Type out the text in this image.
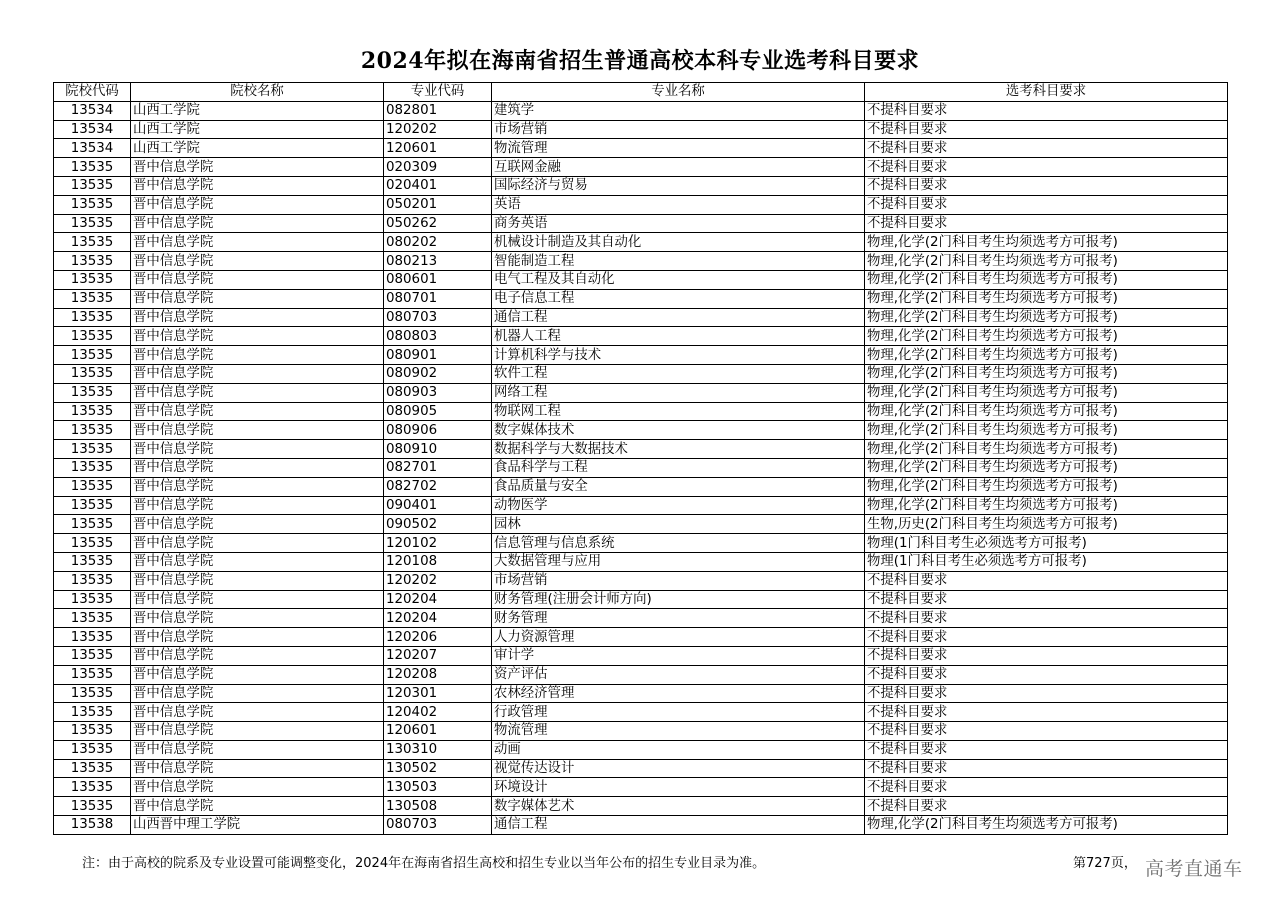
2024年拟在海南省招生普通高校本科专业选考科目要求
院校代码	院校名称	专业代码	专业名称	选考科目要求
13534	山西工学院	082801	建筑学	不提科目要求
13534	山西工学院	120202	市场营销	不提科目要求
13534	山西工学院	120601	物流管理	不提科目要求
13535	晋中信息学院	020309	互联网金融	不提科目要求
13535	晋中信息学院	020401	国际经济与贸易	不提科目要求
13535	晋中信息学院	050201	英语	不提科目要求
13535	晋中信息学院	050262	商务英语	不提科目要求
13535	晋中信息学院	080202	机械设计制造及其自动化	物理,化学(2门科目考生均须选考方可报考)
13535	晋中信息学院	080213	智能制造工程	物理,化学(2门科目考生均须选考方可报考)
13535	晋中信息学院	080601	电气工程及其自动化	物理,化学(2门科目考生均须选考方可报考)
13535	晋中信息学院	080701	电子信息工程	物理,化学(2门科目考生均须选考方可报考)
13535	晋中信息学院	080703	通信工程	物理,化学(2门科目考生均须选考方可报考)
13535	晋中信息学院	080803	机器人工程	物理,化学(2门科目考生均须选考方可报考)
13535	晋中信息学院	080901	计算机科学与技术	物理,化学(2门科目考生均须选考方可报考)
13535	晋中信息学院	080902	软件工程	物理,化学(2门科目考生均须选考方可报考)
13535	晋中信息学院	080903	网络工程	物理,化学(2门科目考生均须选考方可报考)
13535	晋中信息学院	080905	物联网工程	物理,化学(2门科目考生均须选考方可报考)
13535	晋中信息学院	080906	数字媒体技术	物理,化学(2门科目考生均须选考方可报考)
13535	晋中信息学院	080910	数据科学与大数据技术	物理,化学(2门科目考生均须选考方可报考)
13535	晋中信息学院	082701	食品科学与工程	物理,化学(2门科目考生均须选考方可报考)
13535	晋中信息学院	082702	食品质量与安全	物理,化学(2门科目考生均须选考方可报考)
13535	晋中信息学院	090401	动物医学	物理,化学(2门科目考生均须选考方可报考)
13535	晋中信息学院	090502	园林	生物,历史(2门科目考生均须选考方可报考)
13535	晋中信息学院	120102	信息管理与信息系统	物理(1门科目考生必须选考方可报考)
13535	晋中信息学院	120108	大数据管理与应用	物理(1门科目考生必须选考方可报考)
13535	晋中信息学院	120202	市场营销	不提科目要求
13535	晋中信息学院	120204	财务管理(注册会计师方向)	不提科目要求
13535	晋中信息学院	120204	财务管理	不提科目要求
13535	晋中信息学院	120206	人力资源管理	不提科目要求
13535	晋中信息学院	120207	审计学	不提科目要求
13535	晋中信息学院	120208	资产评估	不提科目要求
13535	晋中信息学院	120301	农林经济管理	不提科目要求
13535	晋中信息学院	120402	行政管理	不提科目要求
13535	晋中信息学院	120601	物流管理	不提科目要求
13535	晋中信息学院	130310	动画	不提科目要求
13535	晋中信息学院	130502	视觉传达设计	不提科目要求
13535	晋中信息学院	130503	环境设计	不提科目要求
13535	晋中信息学院	130508	数字媒体艺术	不提科目要求
13538	山西晋中理工学院	080703	通信工程	物理,化学(2门科目考生均须选考方可报考)
注：由于高校的院系及专业设置可能调整变化，2024年在海南省招生高校和招生专业以当年公布的招生专业目录为准。	第727页， 高考直通车
